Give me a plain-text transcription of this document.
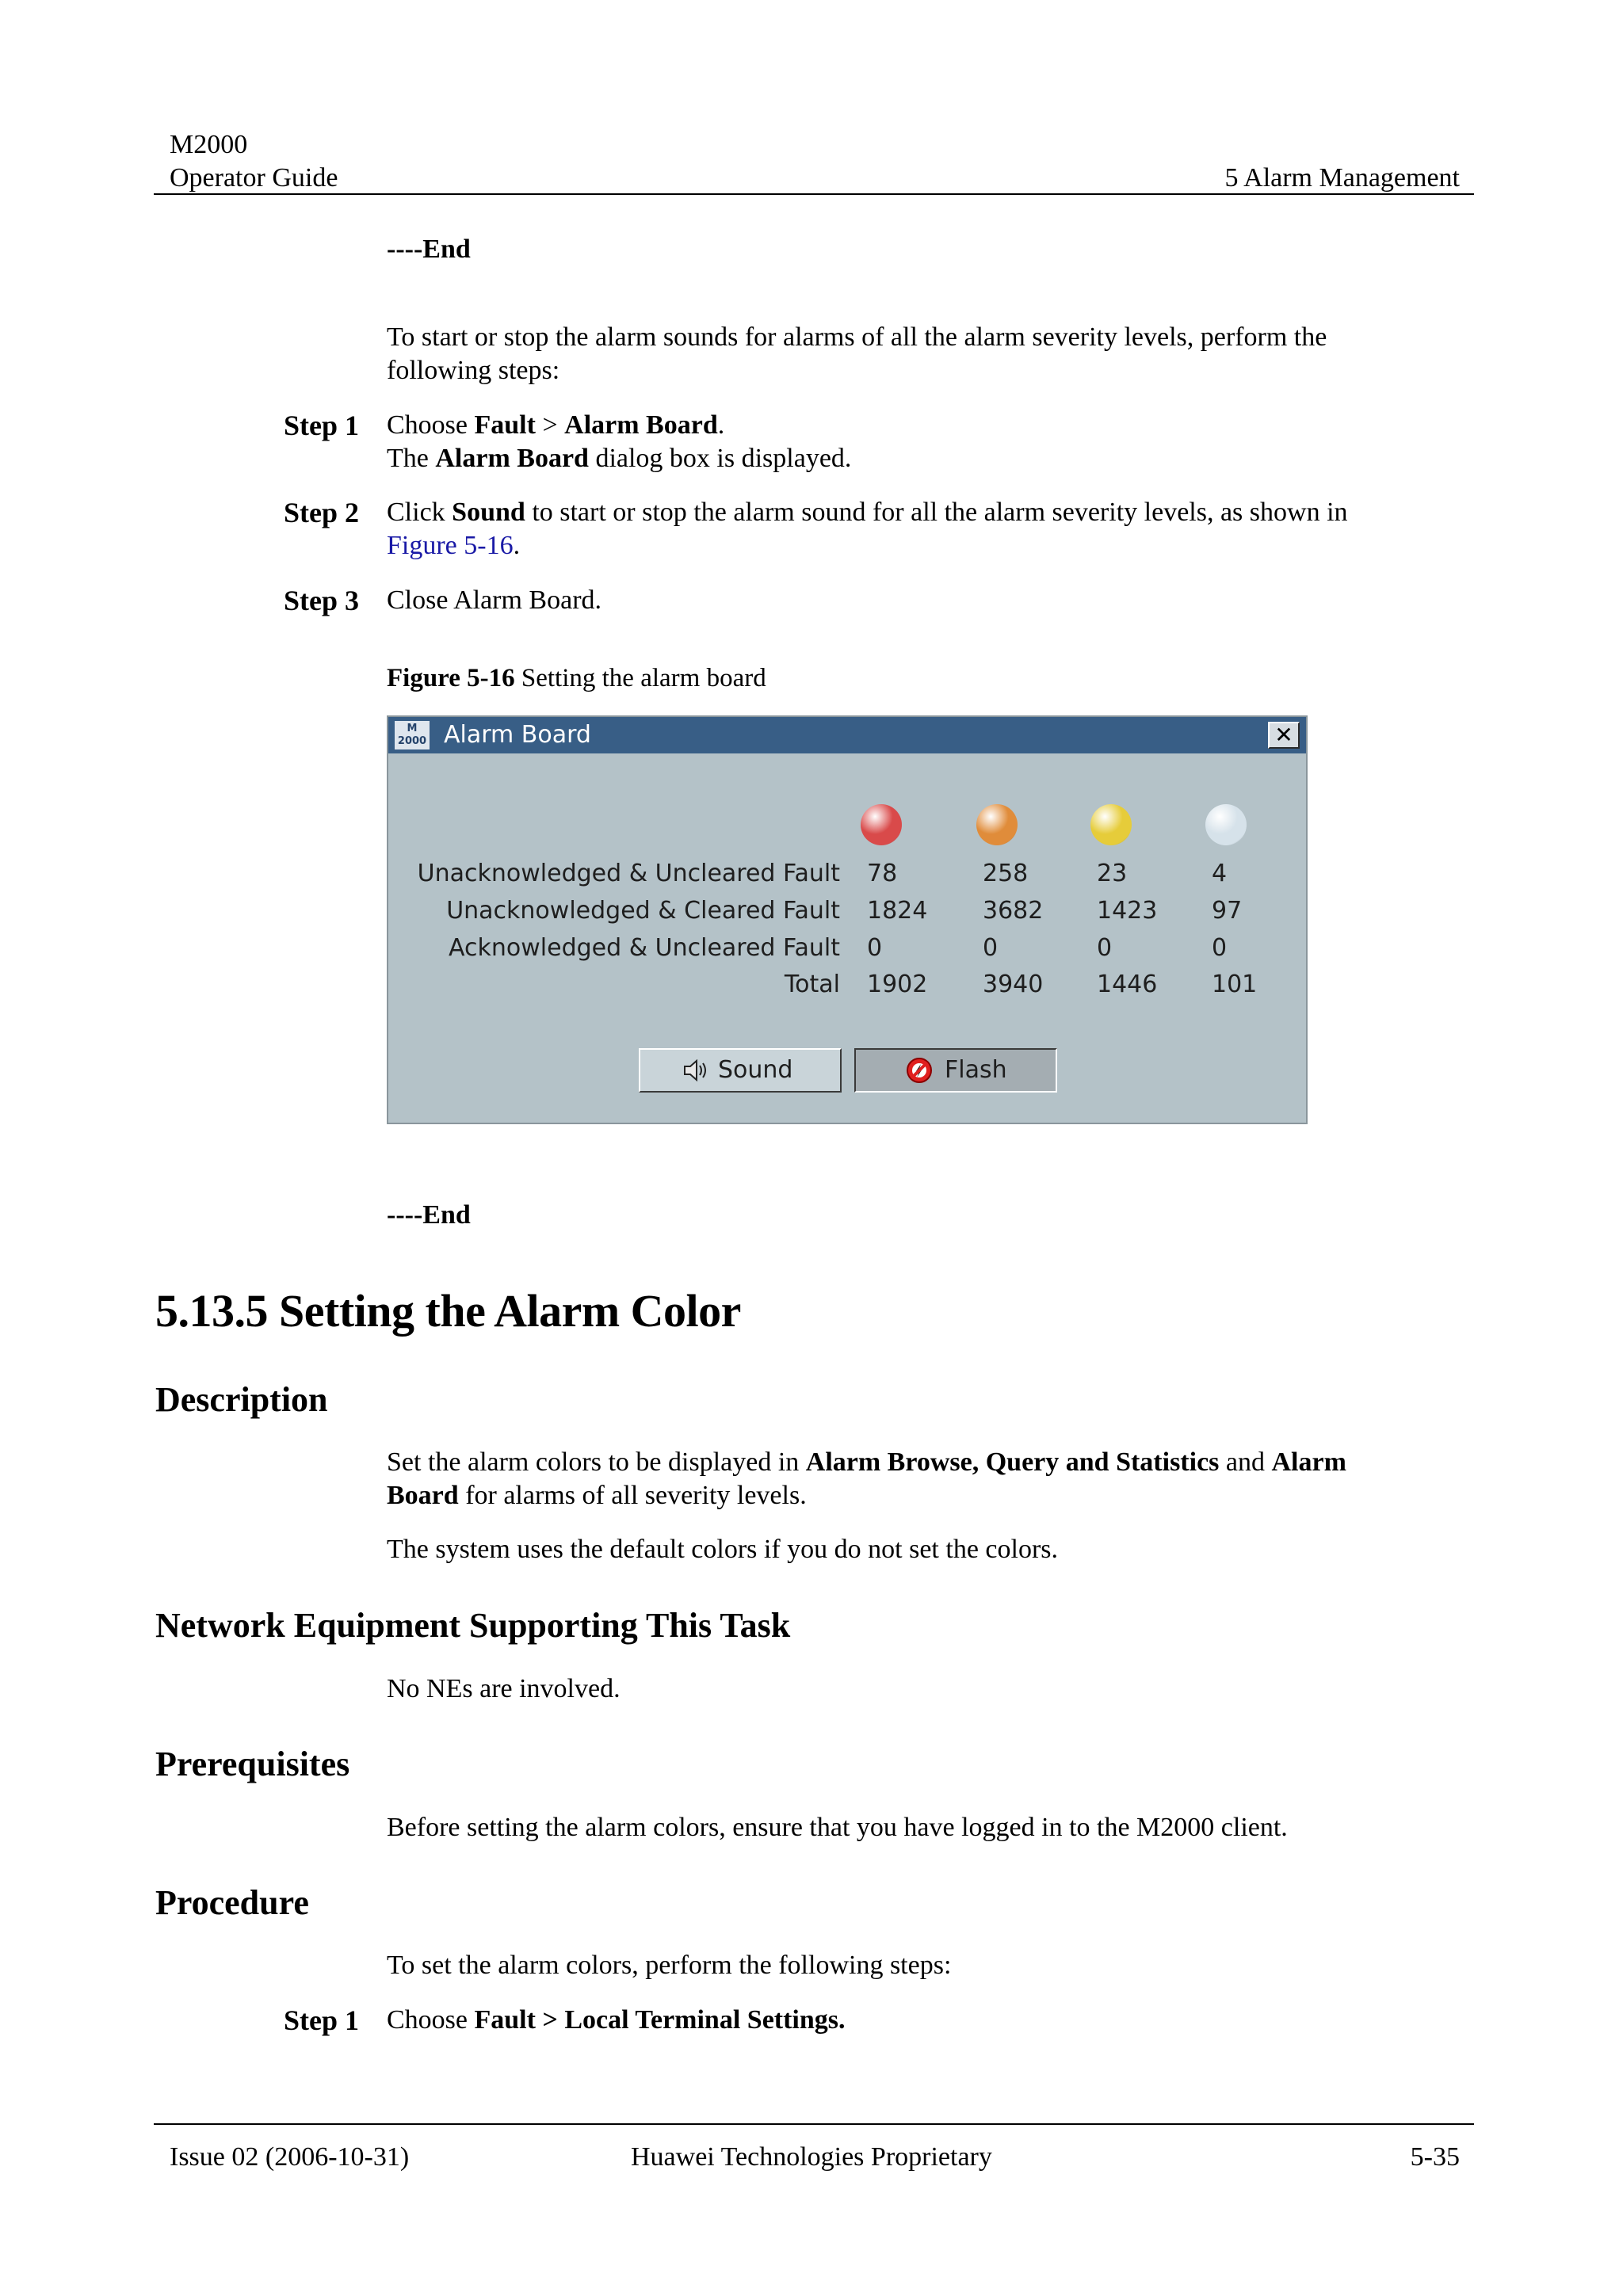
M2000
Operator Guide	5 Alarm Management
----End
To start or stop the alarm sounds for alarms of all the alarm severity levels, perform the
following steps:
Step 1 Choose Fault > Alarm Board.
The Alarm Board dialog box is displayed.
Step 2 Click Sound to start or stop the alarm sound for all the alarm severity levels, as shown in
Figure 5-16.
Step 3 Close Alarm Board.
Figure 5-16 Setting the alarm board
M
2000 Alarm Board	✕
Unacknowledged & Uncleared Fault 78	258	23	4
Unacknowledged & Cleared Fault 1824 3682 1423 97
Acknowledged & Uncleared Fault 0	0	0	0
Total 1902 3940 1446 101
Sound	Flash
----End
5.13.5 Setting the Alarm Color
Description
Set the alarm colors to be displayed in Alarm Browse, Query and Statistics and Alarm
Board for alarms of all severity levels.
The system uses the default colors if you do not set the colors.
Network Equipment Supporting This Task
No NEs are involved.
Prerequisites
Before setting the alarm colors, ensure that you have logged in to the M2000 client.
Procedure
To set the alarm colors, perform the following steps:
Step 1 Choose Fault > Local Terminal Settings.
Issue 02 (2006-10-31)	Huawei Technologies Proprietary	5-35
